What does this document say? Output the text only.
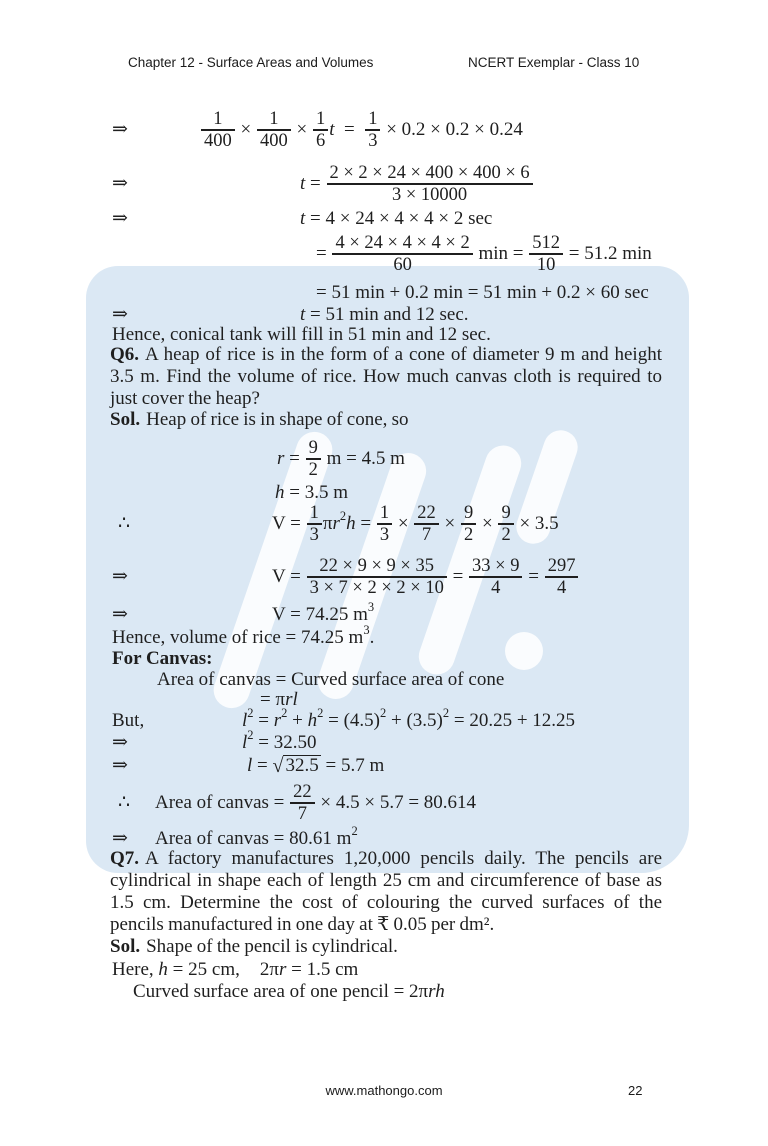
Chapter 12 - Surface Areas and Volumes	NCERT Exemplar - Class 10
⇒	$\frac{1}{400} \times \frac{1}{400} \times \frac{1}{6}$ $t = \frac{1}{3} \times 0.2 \times 0.2 \times 0.24$
⇒	$t = \frac{2 \times 2 \times 24 \times 400 \times 400 \times 6}{3 \times 10000}$
⇒	t = 4 × 24 × 4 × 4 × 2 sec
= $\frac{4 \times 24 \times 4 \times 4 \times 2}{60}$ $\min = \frac{512}{10} = 51.2$ min
= 51 min + 0.2 min = 51 min + 0.2 × 60 sec
⇒	t = 51 min and 12 sec.
Hence, conical tank will fill in 51 min and 12 sec.

Q6. A heap of rice is in the form of a cone of diameter 9 m and height 3.5 m. Find the volume of rice. How much canvas cloth is required to just cover the heap?

Sol. Heap of rice is in shape of cone, so

$r = \frac{9}{2}$ m = 4.5 m
h = 3.5 m
∴	$V = \frac{1}{3}$ π r 2 $h = \frac{1}{3} \times \frac{22}{7} \times \frac{9}{2} \times \frac{9}{2} \times 3.5$
⇒	$V = \frac{22 \times 9 \times 9 \times 35}{3 \times 7 \times 2 \times 2 \times 10} = \frac{33 \times 9}{4} = \frac{297}{4}$
⇒	V = 74.25 m 3
Hence, volume of rice = 74.25 m 3 .
For Canvas:
Area of canvas = Curved surface area of cone
= π rl
But,	l 2 = r 2 + h 2 = (4.5) 2 + (3.5) 2 = 20.25 + 12.25
⇒	l 2 = 32.50
⇒	l = √ 32.5 = 5.7 m
∴ Area of canvas = $\frac{22}{7} \times 4.5 \times 5.7 = 80.614$
⇒ Area of canvas = 80.61 m 2

Q7. A factory manufactures 1,20,000 pencils daily. The pencils are cylindrical in shape each of length 25 cm and circumference of base as 1.5 cm. Determine the cost of colouring the curved surfaces of the pencils manufactured in one day at ₹ 0.05 per dm².

Sol. Shape of the pencil is cylindrical.

Here, h = 25 cm, 2π r = 1.5 cm
Curved surface area of one pencil = 2π rh
www.mathongo.com	22
